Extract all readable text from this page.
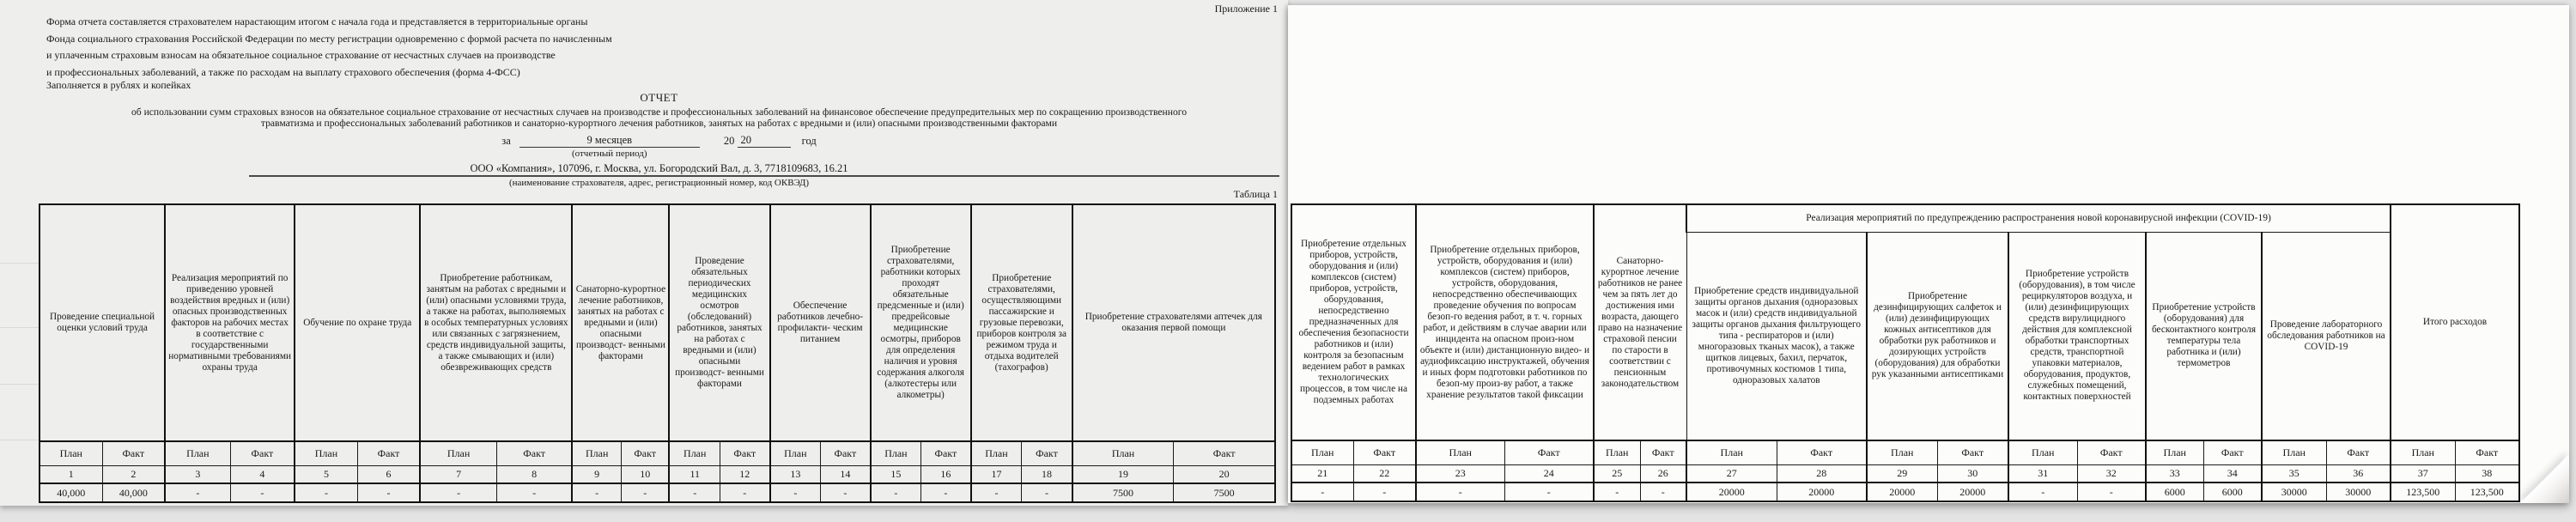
Приложение 1
Форма отчета составляется страхователем нарастающим итогом с начала года и представляется в территориальные органы
Фонда социального страхования Российской Федерации по месту регистрации одновременно с формой расчета по начисленным
и уплаченным страховым взносам на обязательное социальное страхование от несчастных случаев на производстве
и профессиональных заболеваний, а также по расходам на выплату страхового обеспечения (форма 4-ФСС)
Заполняется в рублях и копейках
ОТЧЕТ
об использовании сумм страховых взносов на обязательное социальное страхование от несчастных случаев на производстве и профессиональных заболеваний на финансовое обеспечение предупредительных мер по сокращению производственного
травматизма и профессиональных заболеваний работников и санаторно-курортного лечения работников, занятых на работах с вредными и (или) опасными производственными факторами
за	9 месяцев
(отчетный период)
20 20	год
ООО «Компания», 107096, г. Москва, ул. Богородский Вал, д. 3, 7718109683, 16.21
(наименование страхователя, адрес, регистрационный номер, код ОКВЭД)
Таблица 1
Проведение специальной оценки условий труда	Реализация мероприятий по приведению уровней воздействия вредных и (или) опасных производственных факторов на рабочих местах в соответствие с государственными нормативными требованиями охраны труда	Обучение по охране труда	Приобретение работникам, занятым на работах с вредными и (или) опасными условиями труда, а также на работах, выполняемых в особых температурных условиях или связанных с загрязнением, средств индивидуальной защиты, а также смывающих и (или) обезвреживающих средств	Санаторно-курортное лечение работников, занятых на работах с вредными и (или) опасными производст- венными факторами	Проведение обязательных периодических медицинских осмотров (обследований) работников, занятых на работах с вредными и (или) опасными производст- венными факторами	Обеспечение работников лечебно-профилакти- ческим питанием	Приобретение страхователями, работники которых проходят обязательные предсменные и (или) предрейсовые медицинские осмотры, приборов для определения наличия и уровня содержания алкоголя (алкотестеры или алкометры)	Приобретение страхователями, осуществляющими пассажирские и грузовые перевозки, приборов контроля за режимом труда и отдыха водителей (тахографов)	Приобретение страхователями аптечек для оказания первой помощи
План	Факт	План	Факт	План	Факт	План	Факт	План	Факт	План	Факт	План	Факт	План	Факт	План	Факт	План	Факт
1	2	3	4	5	6	7	8	9	10	11	12	13	14	15	16	17	18	19	20
40,000	40,000	-	-	-	-	-	-	-	-	-	-	-	-	-	-	-	-	7500	7500
Приобретение отдельных приборов, устройств, оборудования и (или) комплексов (систем) приборов, устройств, оборудования, непосредственно предназначенных для обеспечения безопасности работников и (или) контроля за безопасным ведением работ в рамках технологических процессов, в том числе на подземных работах	Приобретение отдельных приборов, устройств, оборудования и (или) комплексов (систем) приборов, устройств, оборудования, непосредственно обеспечивающих проведение обучения по вопросам безоп-го ведения работ, в т. ч. горных работ, и действиям в случае аварии или инцидента на опасном произ-ном объекте и (или) дистанционную видео- и аудиофиксацию инструктажей, обучения и иных форм подготовки работников по безоп-му произ-ву работ, а также хранение результатов такой фиксации	Санаторно-курортное лечение работников не ранее чем за пять лет до достижения ими возраста, дающего право на назначение страховой пенсии по старости в соответствии с пенсионным законодательством	Реализация мероприятий по предупреждению распространения новой коронавирусной инфекции (COVID-19)	Итого расходов
Приобретение средств индивидуальной защиты органов дыхания (одноразовых масок и (или) средств индивидуальной защиты органов дыхания фильтрующего типа - респираторов и (или) многоразовых тканых масок), а также щитков лицевых, бахил, перчаток, противочумных костюмов 1 типа, одноразовых халатов	Приобретение дезинфицирующих салфеток и (или) дезинфицирующих кожных антисептиков для обработки рук работников и дозирующих устройств (оборудования) для обработки рук указанными антисептиками	Приобретение устройств (оборудования), в том числе рециркуляторов воздуха, и (или) дезинфицирующих средств вирулицидного действия для комплексной обработки транспортных средств, транспортной упаковки материалов, оборудования, продуктов, служебных помещений, контактных поверхностей	Приобретение устройств (оборудования) для бесконтактного контроля температуры тела работника и (или) термометров	Проведение лабораторного обследования работников на COVID-19
План	Факт	План	Факт	План	Факт	План	Факт	План	Факт	План	Факт	План	Факт	План	Факт	План	Факт
21	22	23	24	25	26	27	28	29	30	31	32	33	34	35	36	37	38
-	-	-	-	-	-	20000	20000	20000	20000	-	-	6000	6000	30000	30000	123,500	123,500
